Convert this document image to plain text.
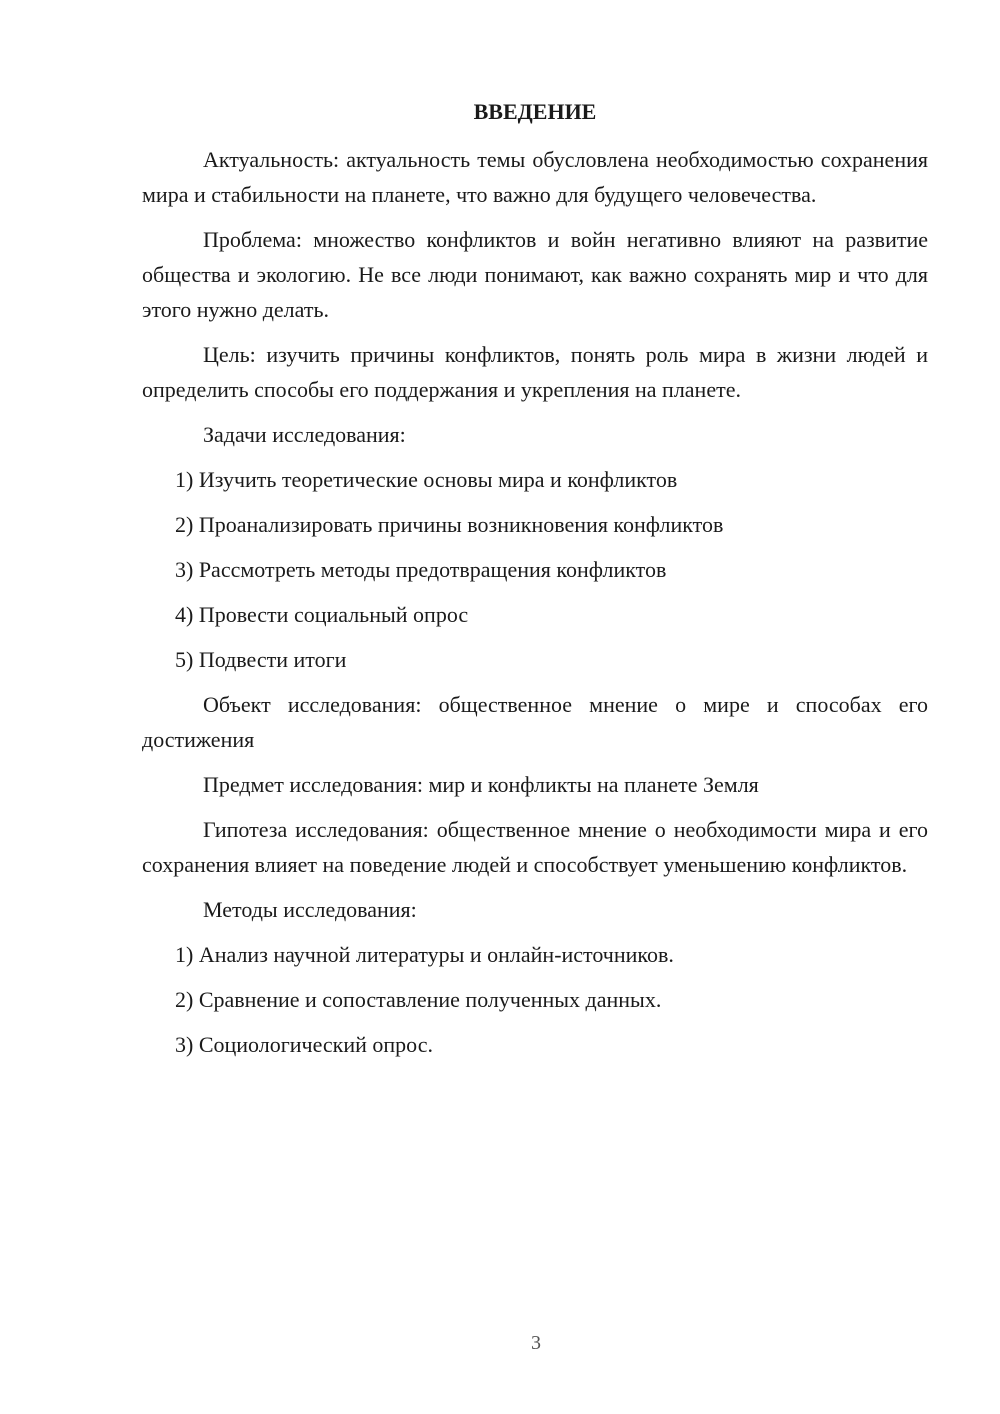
ВВЕДЕНИЕ
Актуальность: актуальность темы обусловлена необходимостью сохранения мира и стабильности на планете, что важно для будущего человечества.
Проблема: множество конфликтов и войн негативно влияют на развитие общества и экологию. Не все люди понимают, как важно сохранять мир и что для этого нужно делать.
Цель: изучить причины конфликтов, понять роль мира в жизни людей и определить способы его поддержания и укрепления на планете.
Задачи исследования:
1) Изучить теоретические основы мира и конфликтов
2) Проанализировать причины возникновения конфликтов
3) Рассмотреть методы предотвращения конфликтов
4) Провести социальный опрос
5) Подвести итоги
Объект исследования: общественное мнение о мире и способах его достижения
Предмет исследования: мир и конфликты на планете Земля
Гипотеза исследования: общественное мнение о необходимости мира и его сохранения влияет на поведение людей и способствует уменьшению конфликтов.
Методы исследования:
1) Анализ научной литературы и онлайн-источников.
2) Сравнение и сопоставление полученных данных.
3) Социологический опрос.
3
